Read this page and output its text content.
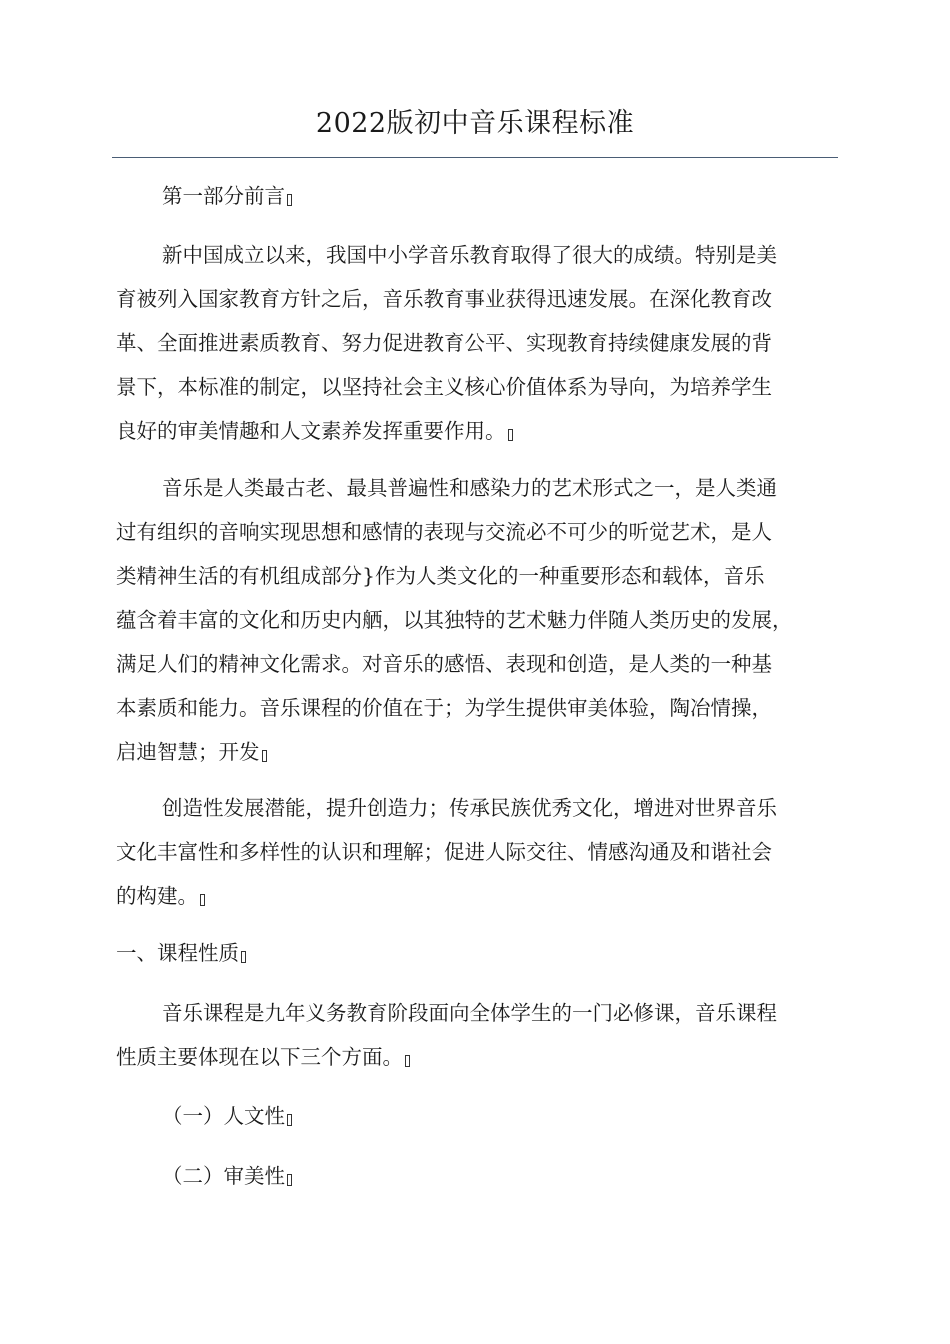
2022版初中音乐课程标准
第一部分前言
新中国成立以来，我国中小学音乐教育取得了很大的成绩。特别是美
育被列入国家教育方针之后，音乐教育事业获得迅速发展。在深化教育改
革、全面推进素质教育、努力促进教育公平、实现教育持续健康发展的背
景下，本标准的制定，以坚持社会主义核心价值体系为导向，为培养学生
良好的审美情趣和人文素养发挥重要作用。
音乐是人类最古老、最具普遍性和感染力的艺术形式之一，是人类通
过有组织的音响实现思想和感情的表现与交流必不可少的听觉艺术，是人
类精神生活的有机组成部分}作为人类文化的一种重要形态和载体，音乐
蕴含着丰富的文化和历史内舾，以其独特的艺术魅力伴随人类历史的发展，
满足人们的精神文化需求。对音乐的感悟、表现和创造，是人类的一种基
本素质和能力。音乐课程的价值在于；为学生提供审美体验，陶冶情操，
启迪智慧；开发
创造性发展潜能，提升创造力；传承民族优秀文化，增进对世界音乐
文化丰富性和多样性的认识和理解；促进人际交往、情感沟通及和谐社会
的构建。
一、课程性质
音乐课程是九年义务教育阶段面向全体学生的一门必修课，音乐课程
性质主要体现在以下三个方面。
（一）人文性
（二）审美性
